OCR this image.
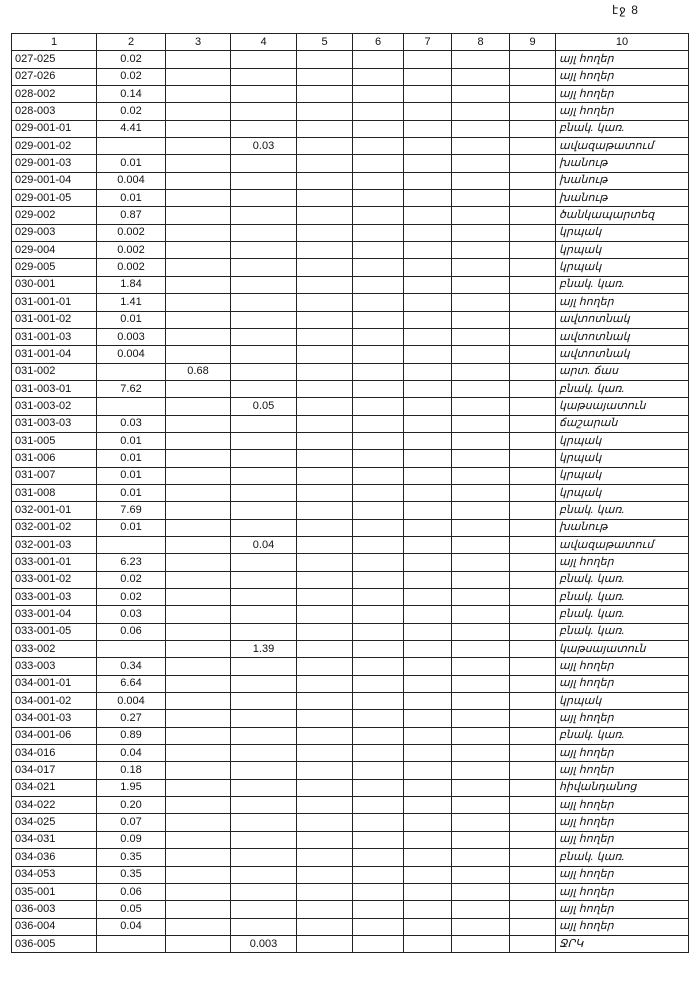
էջ 8
1	2	3	4	5	6	7	8	9	10
027-025	0.02								այլ հողեր
027-026	0.02								այլ հողեր
028-002	0.14								այլ հողեր
028-003	0.02								այլ հողեր
029-001-01	4.41								բնակ. կառ.
029-001-02			0.03						ավազաթատում
029-001-03	0.01								խանութ
029-001-04	0.004								խանութ
029-001-05	0.01								խանութ
029-002	0.87								ծանկապարտեզ
029-003	0.002								կրպակ
029-004	0.002								կրպակ
029-005	0.002								կրպակ
030-001	1.84								բնակ. կառ.
031-001-01	1.41								այլ հողեր
031-001-02	0.01								ավտոտնակ
031-001-03	0.003								ավտոտնակ
031-001-04	0.004								ավտոտնակ
031-002		0.68							արտ. ճաս
031-003-01	7.62								բնակ. կառ.
031-003-02			0.05						կաթսայատուն
031-003-03	0.03								ճաշարան
031-005	0.01								կրպակ
031-006	0.01								կրպակ
031-007	0.01								կրպակ
031-008	0.01								կրպակ
032-001-01	7.69								բնակ. կառ.
032-001-02	0.01								խանութ
032-001-03			0.04						ավազաթատում
033-001-01	6.23								այլ հողեր
033-001-02	0.02								բնակ. կառ.
033-001-03	0.02								բնակ. կառ.
033-001-04	0.03								բնակ. կառ.
033-001-05	0.06								բնակ. կառ.
033-002			1.39						կաթսայատուն
033-003	0.34								այլ հողեր
034-001-01	6.64								այլ հողեր
034-001-02	0.004								կրպակ
034-001-03	0.27								այլ հողեր
034-001-06	0.89								բնակ. կառ.
034-016	0.04								այլ հողեր
034-017	0.18								այլ հողեր
034-021	1.95								հիվանդանոց
034-022	0.20								այլ հողեր
034-025	0.07								այլ հողեր
034-031	0.09								այլ հողեր
034-036	0.35								բնակ. կառ.
034-053	0.35								այլ հողեր
035-001	0.06								այլ հողեր
036-003	0.05								այլ հողեր
036-004	0.04								այլ հողեր
036-005			0.003						ՋՐԿ
